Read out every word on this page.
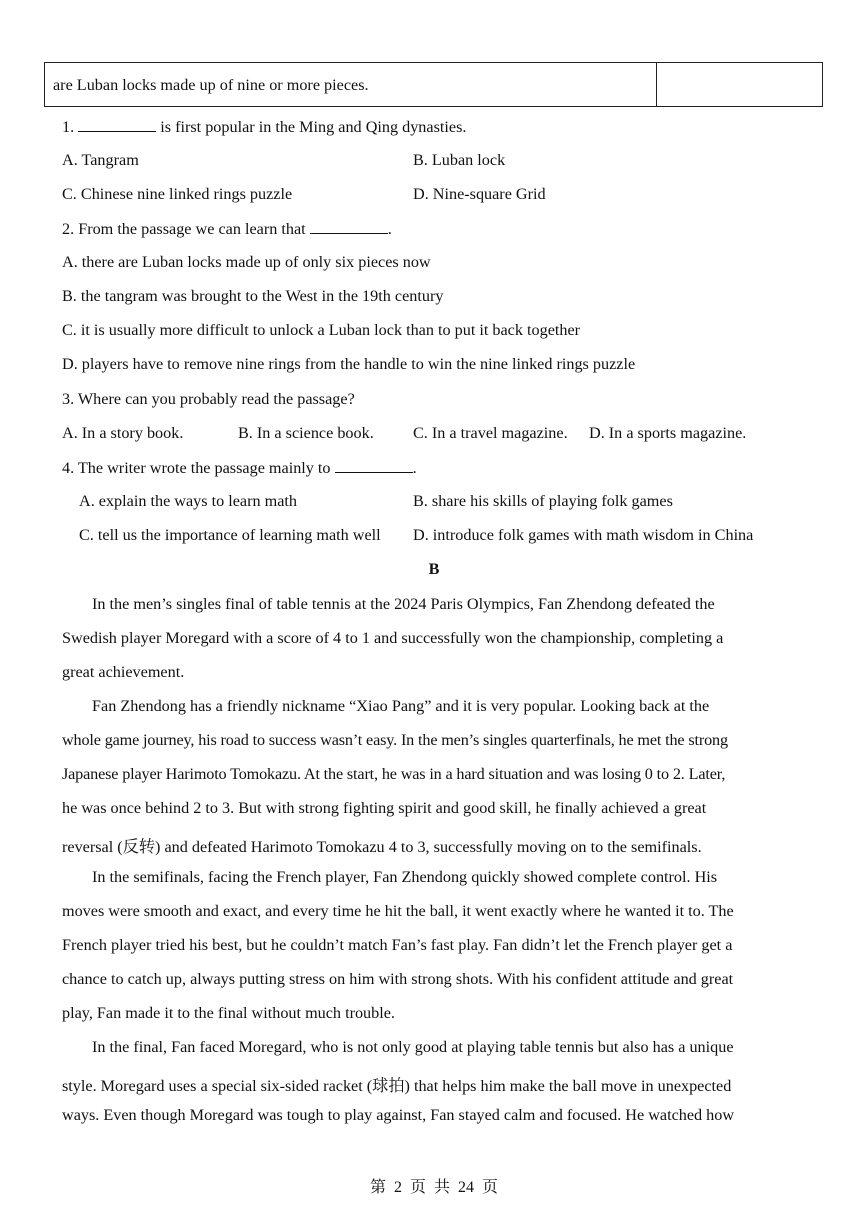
are Luban locks made up of nine or more pieces.
1.	is first popular in the Ming and Qing dynasties.
A. Tangram	B. Luban lock
C. Chinese nine linked rings puzzle	D. Nine-square Grid
2. From the passage we can learn that	.
A. there are Luban locks made up of only six pieces now
B. the tangram was brought to the West in the 19th century
C. it is usually more difficult to unlock a Luban lock than to put it back together
D. players have to remove nine rings from the handle to win the nine linked rings puzzle
3. Where can you probably read the passage?
A. In a story book.	B. In a science book. C. In a travel magazine. D. In a sports magazine.
4. The writer wrote the passage mainly to	.
A. explain the ways to learn math	B. share his skills of playing folk games
C. tell us the importance of learning math well D. introduce folk games with math wisdom in China
B
In the men’s singles final of table tennis at the 2024 Paris Olympics, Fan Zhendong defeated the
Swedish player Moregard with a score of 4 to 1 and successfully won the championship, completing a
great achievement.
Fan Zhendong has a friendly nickname “Xiao Pang” and it is very popular. Looking back at the
whole game journey, his road to success wasn’t easy. In the men’s singles quarterfinals, he met the strong
Japanese player Harimoto Tomokazu. At the start, he was in a hard situation and was losing 0 to 2. Later,
he was once behind 2 to 3. But with strong fighting spirit and good skill, he finally achieved a great
reversal (反转) and defeated Harimoto Tomokazu 4 to 3, successfully moving on to the semifinals.
In the semifinals, facing the French player, Fan Zhendong quickly showed complete control. His
moves were smooth and exact, and every time he hit the ball, it went exactly where he wanted it to. The
French player tried his best, but he couldn’t match Fan’s fast play. Fan didn’t let the French player get a
chance to catch up, always putting stress on him with strong shots. With his confident attitude and great
play, Fan made it to the final without much trouble.
In the final, Fan faced Moregard, who is not only good at playing table tennis but also has a unique
style. Moregard uses a special six-sided racket (球拍) that helps him make the ball move in unexpected
ways. Even though Moregard was tough to play against, Fan stayed calm and focused. He watched how
第 2 页 共 24 页
